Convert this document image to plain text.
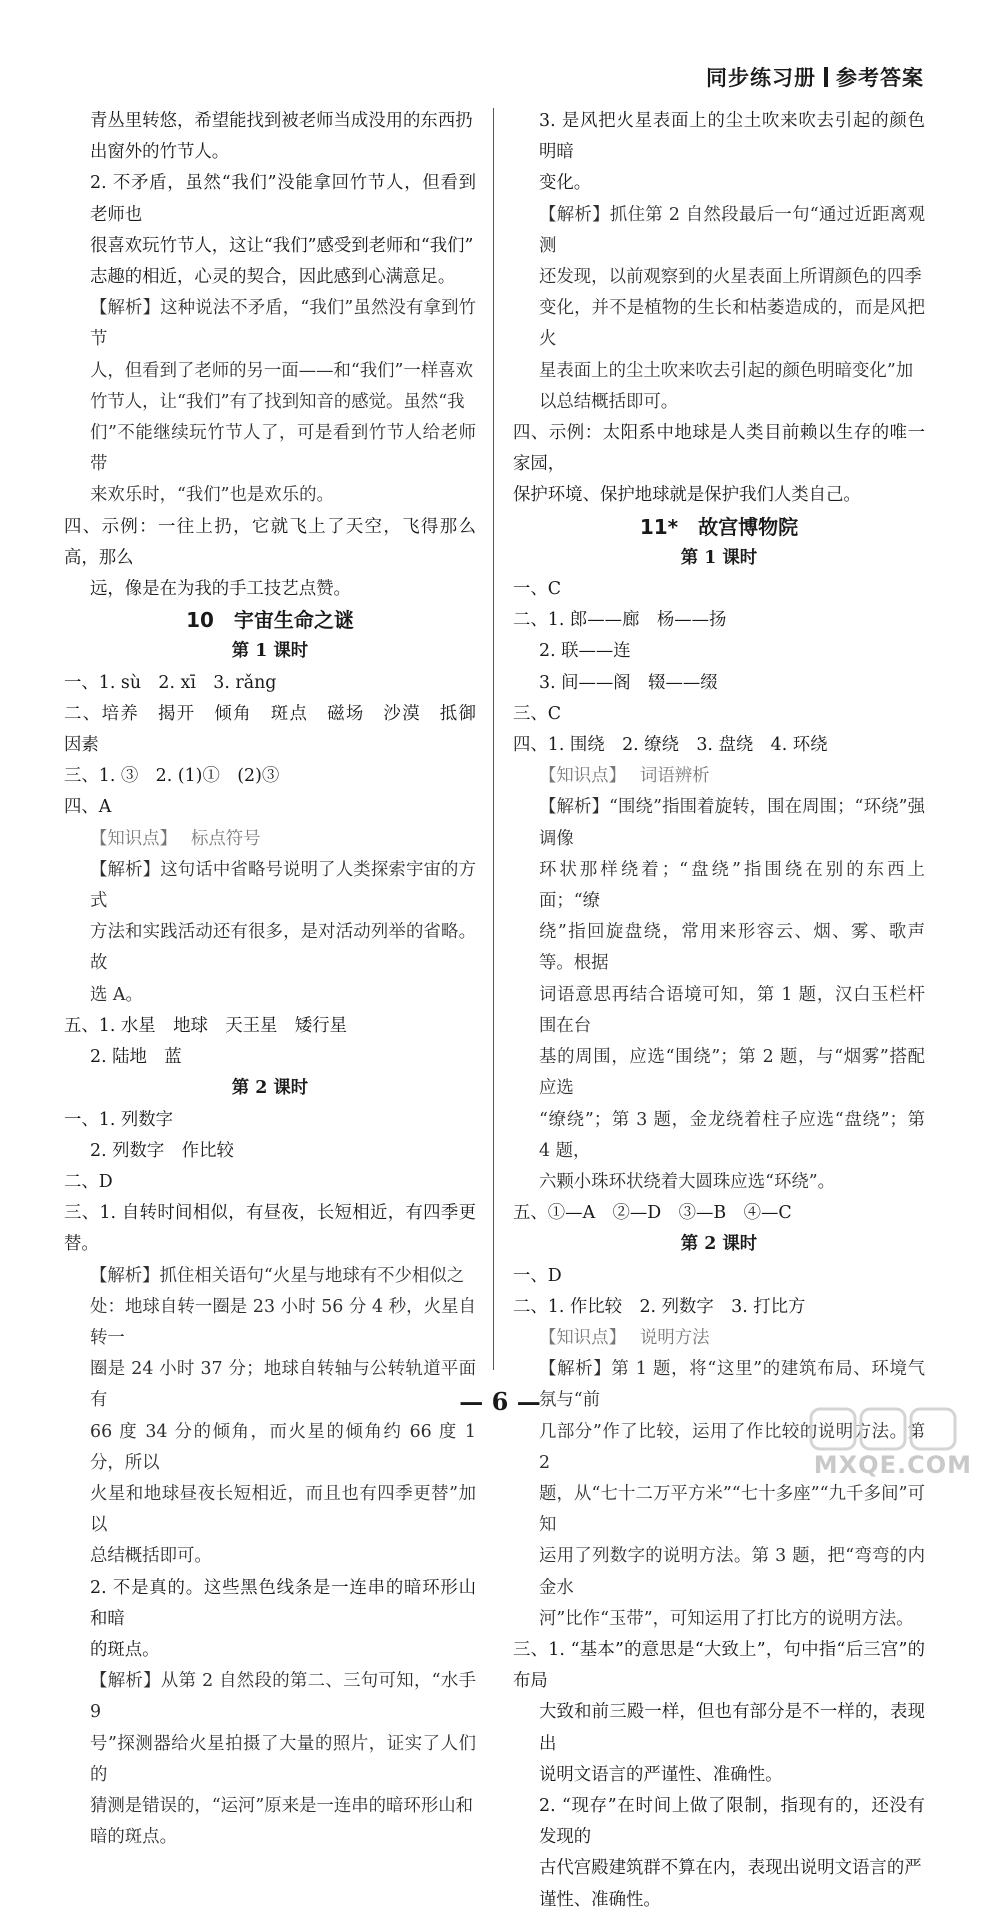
同步练习册 参考答案

青丛里转悠，希望能找到被老师当成没用的东西扔

出窗外的竹节人。

2. 不矛盾，虽然“我们”没能拿回竹节人，但看到老师也

很喜欢玩竹节人，这让“我们”感受到老师和“我们”

志趣的相近，心灵的契合，因此感到心满意足。

【解析】这种说法不矛盾，“我们”虽然没有拿到竹节

人，但看到了老师的另一面——和“我们”一样喜欢

竹节人，让“我们”有了找到知音的感觉。虽然“我

们”不能继续玩竹节人了，可是看到竹节人给老师带

来欢乐时，“我们”也是欢乐的。

四、示例：一往上扔，它就飞上了天空，飞得那么高，那么

远，像是在为我的手工技艺点赞。

10　宇宙生命之谜

第 1 课时

一、1. sù　2. xī　3. rǎng

二、培养　揭开　倾角　斑点　磁场　沙漠　抵御　因素

三、1. ③　2. (1)①　(2)③

四、A

【知识点】 标点符号

【解析】这句话中省略号说明了人类探索宇宙的方式

方法和实践活动还有很多，是对活动列举的省略。故

选 A。

五、1. 水星　地球　天王星　矮行星

2. 陆地　蓝

第 2 课时

一、1. 列数字

2. 列数字　作比较

二、D

三、1. 自转时间相似，有昼夜，长短相近，有四季更替。

【解析】抓住相关语句“火星与地球有不少相似之

处：地球自转一圈是 23 小时 56 分 4 秒，火星自转一

圈是 24 小时 37 分；地球自转轴与公转轨道平面有

66 度 34 分的倾角，而火星的倾角约 66 度 1 分，所以

火星和地球昼夜长短相近，而且也有四季更替”加以

总结概括即可。

2. 不是真的。这些黑色线条是一连串的暗环形山和暗

的斑点。

【解析】从第 2 自然段的第二、三句可知，“水手 9

号”探测器给火星拍摄了大量的照片，证实了人们的

猜测是错误的，“运河”原来是一连串的暗环形山和

暗的斑点。

3. 是风把火星表面上的尘土吹来吹去引起的颜色明暗

变化。

【解析】抓住第 2 自然段最后一句“通过近距离观测

还发现，以前观察到的火星表面上所谓颜色的四季

变化，并不是植物的生长和枯萎造成的，而是风把火

星表面上的尘土吹来吹去引起的颜色明暗变化”加

以总结概括即可。

四、示例：太阳系中地球是人类目前赖以生存的唯一家园，

保护环境、保护地球就是保护我们人类自己。

11*　故宫博物院

第 1 课时

一、C

二、1. 郎——廊　杨——扬

2. 联——连

3. 间——阁　辍——缀

三、C

四、1. 围绕　2. 缭绕　3. 盘绕　4. 环绕

【知识点】 词语辨析

【解析】“围绕”指围着旋转，围在周围；“环绕”强调像

环状那样绕着；“盘绕”指围绕在别的东西上面；“缭

绕”指回旋盘绕，常用来形容云、烟、雾、歌声等。根据

词语意思再结合语境可知，第 1 题，汉白玉栏杆围在台

基的周围，应选“围绕”；第 2 题，与“烟雾”搭配应选

“缭绕”；第 3 题，金龙绕着柱子应选“盘绕”；第 4 题，

六颗小珠环状绕着大圆珠应选“环绕”。

五、①—A　②—D　③—B　④—C

第 2 课时

一、D

二、1. 作比较　2. 列数字　3. 打比方

【知识点】 说明方法

【解析】第 1 题，将“这里”的建筑布局、环境气氛与“前

几部分”作了比较，运用了作比较的说明方法。第 2

题，从“七十二万平方米”“七十多座”“九千多间”可知

运用了列数字的说明方法。第 3 题，把“弯弯的内金水

河”比作“玉带”，可知运用了打比方的说明方法。

三、1. “基本”的意思是“大致上”，句中指“后三宫”的布局

大致和前三殿一样，但也有部分是不一样的，表现出

说明文语言的严谨性、准确性。

2. “现存”在时间上做了限制，指现有的，还没有发现的

古代宫殿建筑群不算在内，表现出说明文语言的严

谨性、准确性。

— 6 —
MXQE.COM
